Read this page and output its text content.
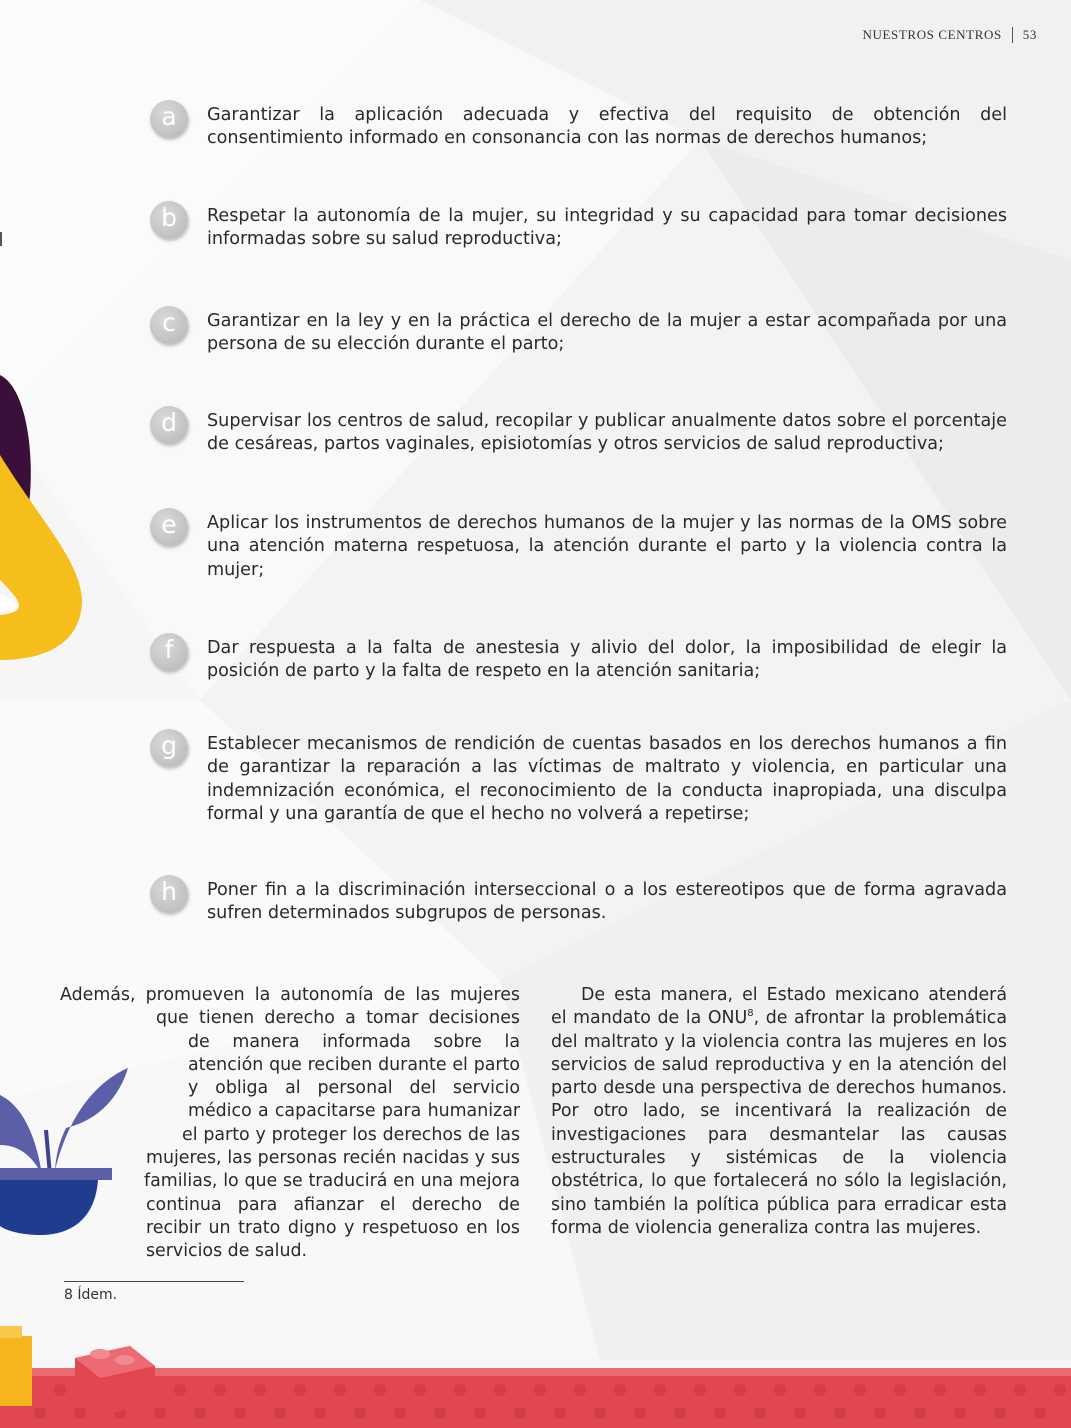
NUESTROS CENTROS 53
a	Garantizar la aplicación adecuada y efectiva del requisito de obtención del consentimiento informado en consonancia con las normas de derechos humanos;
b	Respetar la autonomía de la mujer, su integridad y su capacidad para tomar decisiones informadas sobre su salud reproductiva;
c	Garantizar en la ley y en la práctica el derecho de la mujer a estar acompañada por una persona de su elección durante el parto;
d	Supervisar los centros de salud, recopilar y publicar anualmente datos sobre el porcentaje de cesáreas, partos vaginales, episiotomías y otros servicios de salud reproductiva;
e	Aplicar los instrumentos de derechos humanos de la mujer y las normas de la OMS sobre una atención materna respetuosa, la atención durante el parto y la violencia contra la mujer;
f	Dar respuesta a la falta de anestesia y alivio del dolor, la imposibilidad de elegir la posición de parto y la falta de respeto en la atención sanitaria;
g	Establecer mecanismos de rendición de cuentas basados en los derechos humanos a fin de garantizar la reparación a las víctimas de maltrato y violencia, en particular una indemnización económica, el reconocimiento de la conducta inapropiada, una disculpa formal y una garantía de que el hecho no volverá a repetirse;
h	Poner fin a la discriminación interseccional o a los estereotipos que de forma agravada sufren determinados subgrupos de personas.
Además, promueven la autonomía de las mujeres que tienen derecho a tomar decisiones de manera informada sobre la atención que reciben durante el parto y obliga al personal del servicio médico a capacitarse para humanizar el parto y proteger los derechos de las mujeres, las personas recién nacidas y sus familias, lo que se traducirá en una mejora continua para afianzar el derecho de recibir un trato digno y respetuoso en los servicios de salud.
De esta manera, el Estado mexicano atenderá el mandato de la ONU$^8$, de afrontar la problemática del maltrato y la violencia contra las mujeres en los servicios de salud reproductiva y en la atención del parto desde una perspectiva de derechos humanos. Por otro lado, se incentivará la realización de investigaciones para desmantelar las causas estructurales y sistémicas de la violencia obstétrica, lo que fortalecerá no sólo la legislación, sino también la política pública para erradicar esta forma de violencia generaliza contra las mujeres.
8 Ídem.
